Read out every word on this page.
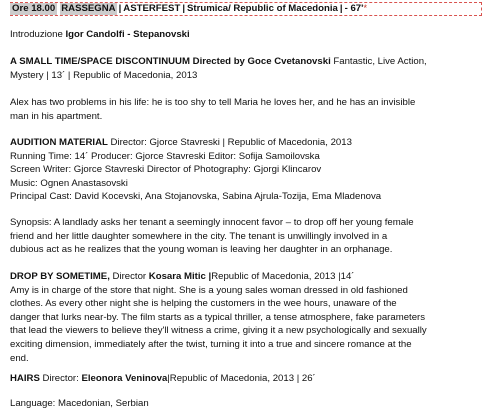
Ore 18.00 RASSEGNA | ASTERFEST | Strumica/ Republic of Macedonia | - 67' *

Introduzione Igor Candolfi - Stepanovski

A SMALL TIME/SPACE DISCONTINUUM Directed by Goce Cvetanovski Fantastic, Live Action,

Mystery | 13´ | Republic of Macedonia, 2013

Alex has two problems in his life: he is too shy to tell Maria he loves her, and he has an invisible

man in his apartment.

AUDITION MATERIAL Director: Gjorce Stavreski | Republic of Macedonia, 2013

Running Time: 14´ Producer: Gjorce Stavreski Editor: Sofija Samoilovska

Screen Writer: Gjorce Stavreski Director of Photography: Gjorgi Klincarov

Music: Ognen Anastasovski

Principal Cast: David Kocevski, Ana Stojanovska, Sabina Ajrula-Tozija, Ema Mladenova

Synopsis: A landlady asks her tenant a seemingly innocent favor – to drop off her young female

friend and her little daughter somewhere in the city. The tenant is unwillingly involved in a

dubious act as he realizes that the young woman is leaving her daughter in an orphanage.

DROP BY SOMETIME, Director Kosara Mitic |Republic of Macedonia, 2013 |14´

Amy is in charge of the store that night. She is a young sales woman dressed in old fashioned

clothes. As every other night she is helping the customers in the wee hours, unaware of the

danger that lurks near-by. The film starts as a typical thriller, a tense atmosphere, fake parameters

that lead the viewers to believe they'll witness a crime, giving it a new psychologically and sexually

exciting dimension, immediately after the twist, turning it into a true and sincere romance at the

end.

HAIRS Director: Eleonora Veninova|Republic of Macedonia, 2013 | 26´

Language: Macedonian, Serbian
